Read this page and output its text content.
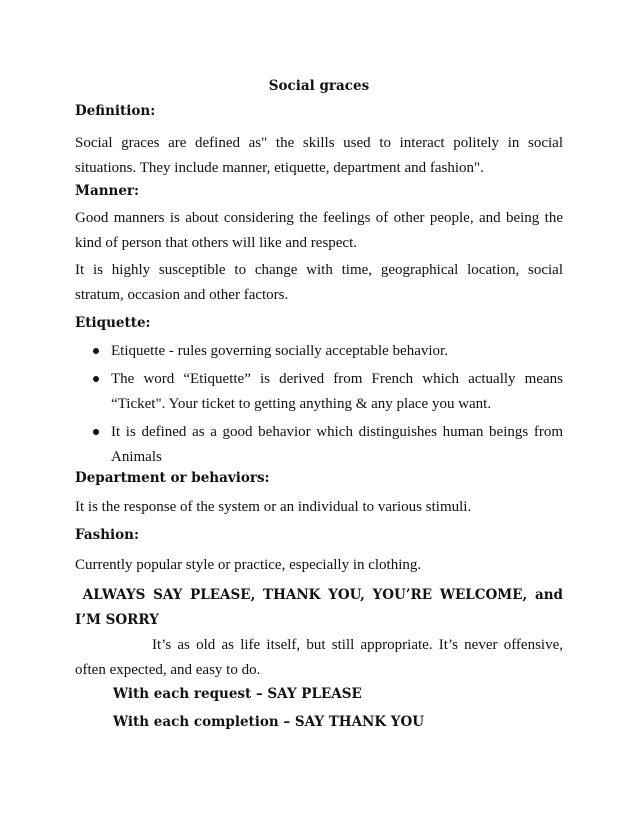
Social graces
Definition:
Social graces are defined as" the skills used to interact politely in social situations. They include manner, etiquette, department and fashion".
Manner:
Good manners is about considering the feelings of other people, and being the kind of person that others will like and respect.
It is highly susceptible to change with time, geographical location, social stratum, occasion and other factors.
Etiquette:
Etiquette - rules governing socially acceptable behavior.
The word “Etiquette” is derived from French which actually means “Ticket". Your ticket to getting anything & any place you want.
It is defined as a good behavior which distinguishes human beings from Animals
Department or behaviors:
It is the response of the system or an individual to various stimuli.
Fashion:
Currently popular style or practice, especially in clothing.
ALWAYS SAY PLEASE, THANK YOU, YOU’RE WELCOME, and I’M SORRY
It’s as old as life itself, but still appropriate. It’s never offensive, often expected, and easy to do.
With each request – SAY PLEASE
With each completion – SAY THANK YOU
